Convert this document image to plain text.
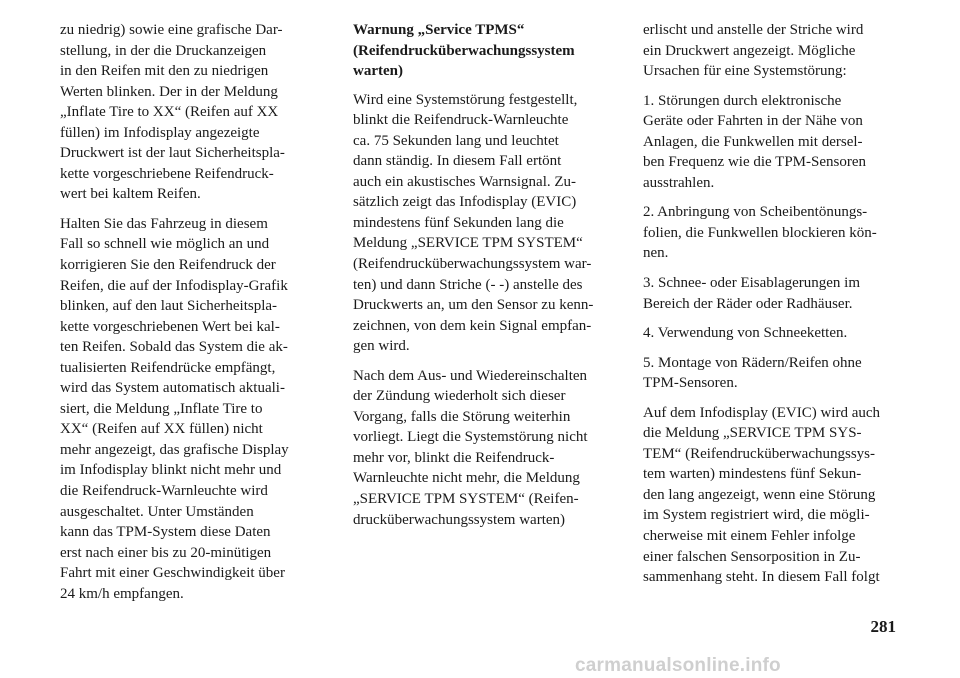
zu niedrig) sowie eine grafische Dar-
stellung, in der die Druckanzeigen
in den Reifen mit den zu niedrigen
Werten blinken. Der in der Meldung
„Inflate Tire to XX“ (Reifen auf XX
füllen) im Infodisplay angezeigte
Druckwert ist der laut Sicherheitspla-
kette vorgeschriebene Reifendruck-
wert bei kaltem Reifen.

Halten Sie das Fahrzeug in diesem
Fall so schnell wie möglich an und
korrigieren Sie den Reifendruck der
Reifen, die auf der Infodisplay-Grafik
blinken, auf den laut Sicherheitspla-
kette vorgeschriebenen Wert bei kal-
ten Reifen. Sobald das System die ak-
tualisierten Reifendrücke empfängt,
wird das System automatisch aktuali-
siert, die Meldung „Inflate Tire to
XX“ (Reifen auf XX füllen) nicht
mehr angezeigt, das grafische Display
im Infodisplay blinkt nicht mehr und
die Reifendruck-Warnleuchte wird
ausgeschaltet. Unter Umständen
kann das TPM-System diese Daten
erst nach einer bis zu 20-minütigen
Fahrt mit einer Geschwindigkeit über
24 km/h empfangen.

Warnung „Service TPMS“
(Reifendrucküberwachungssystem
warten)

Wird eine Systemstörung festgestellt,
blinkt die Reifendruck-Warnleuchte
ca. 75 Sekunden lang und leuchtet
dann ständig. In diesem Fall ertönt
auch ein akustisches Warnsignal. Zu-
sätzlich zeigt das Infodisplay (EVIC)
mindestens fünf Sekunden lang die
Meldung „SERVICE TPM SYSTEM“
(Reifendrucküberwachungssystem war-
ten) und dann Striche (- -) anstelle des
Druckwerts an, um den Sensor zu kenn-
zeichnen, von dem kein Signal empfan-
gen wird.

Nach dem Aus- und Wiedereinschalten
der Zündung wiederholt sich dieser
Vorgang, falls die Störung weiterhin
vorliegt. Liegt die Systemstörung nicht
mehr vor, blinkt die Reifendruck-
Warnleuchte nicht mehr, die Meldung
„SERVICE TPM SYSTEM“ (Reifen-
drucküberwachungssystem warten)

erlischt und anstelle der Striche wird
ein Druckwert angezeigt. Mögliche
Ursachen für eine Systemstörung:

1. Störungen durch elektronische
Geräte oder Fahrten in der Nähe von
Anlagen, die Funkwellen mit dersel-
ben Frequenz wie die TPM-Sensoren
ausstrahlen.

2. Anbringung von Scheibentönungs-
folien, die Funkwellen blockieren kön-
nen.

3. Schnee- oder Eisablagerungen im
Bereich der Räder oder Radhäuser.

4. Verwendung von Schneeketten.

5. Montage von Rädern/Reifen ohne
TPM-Sensoren.

Auf dem Infodisplay (EVIC) wird auch
die Meldung „SERVICE TPM SYS-
TEM“ (Reifendrucküberwachungssys-
tem warten) mindestens fünf Sekun-
den lang angezeigt, wenn eine Störung
im System registriert wird, die mögli-
cherweise mit einem Fehler infolge
einer falschen Sensorposition in Zu-
sammenhang steht. In diesem Fall folgt

281
carmanualsonline.info
